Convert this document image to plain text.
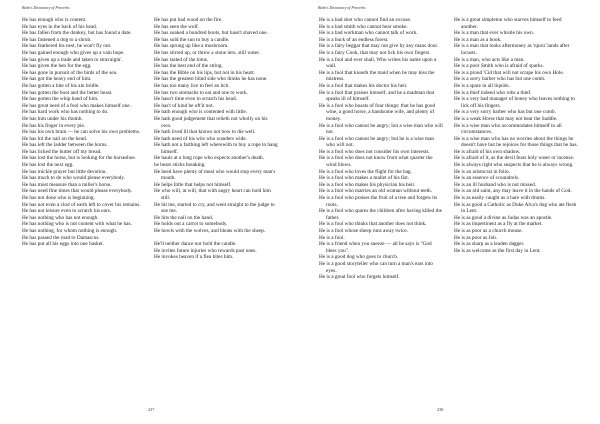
Bohn's Dictionary of Proverbs

He has enough who is content.

He has eyes in the back of his head.

He has fallen from the donkey, but has found a date.

He has fastened a dog to a shrub.

He has feathered his nest, he won't fly out.

He has gained enough who gives up a vain hope.

He has given up a trade and taken to stravaigin'.

He has given the hen for the egg.

He has gone in pursuit of the birds of the sea.

He has got the heavy end of him.

He has gotten a bite of his ain bridle.

He has gotten the boot and the better beast.

He has gotten the whip hand of him.

He has great need of a fool who makes himself one.

He has hard work who has nothing to do.

He has him under his thumb.

He has his finger in every pie.

He has his own brain — he can solve his own problems.

He has hit the nail on the head.

He has left the ladder between the horns.

He has licked the butter off my bread.

He has lost the horse, but is looking for the horseshoe.

He has lost the next egg.

He has mickle prayer but little devotion.

He has much to do who would please everybody.

He has most measure than a miller's horse.

He has need fine times that would please everybody.

He has not done who is beginning.

He has not even a clod of earth left to cover his remains.

He has not leisure even to scratch his ears.

He has nothing who has not enough.

He has nothing who is not content with what he has.

He has nothing, for whom nothing is enough.

He has passed the road to Damascus.

He has put all his eggs into one basket.

He has put bad wood on the fire.

He has seen the wolf.

He has soaked a bundred boots, but hasn't shaved one.

He has sold the sun to buy a candle.

He has sprung up like a mushroom.

He has stirred up, or threw a stone into, still water.

He has tasted of the lotus.

He has the best end of the string.

He has the Bible on his lips, but not in his heart.

He has the greatest blind side who thinks he has none.

He has too many lice to feel an itch.

He has two stomachs to eat and one to work.

He hasn't time even to scratch his head.

He has't of kind he oft'it not.

He hath enough who is contented with little.

He hath good judgement that relieth not wholly on his own.

He hath lived ill that knows not how to die well.

He hath need of his wits who wanders wide.

He hath not a farthing left wherewith to buy a rope to hang himself.

He hauls at a long rope who expects another's death.

he bears sticks breaking.

He heed have plenty of meal who would stop every man's mouth.

He helps little that helps not himself.

He who will, at will, that with angry heart can hold him still.

He hit me, started to cry, and went straight to the judge to sue me.

He hits the nail on the hand.

He holds out a carrot to somebody.

He howls with the wolves, and bleats with the sheep.

He'll neither dance nor hold the candle.

He invites future injuries who rewards past ones.

He invokes heaven if a flea bites him.

237
Bohn's Dictionary of Proverbs

He is a bad shot who cannot find an excuse.

He is a bad smith who cannot bear smoke.

He is a bad workman who cannot talk of work.

He is a buck of an endless forest.

He is a fairy beggar that may not give by any mans door.

He is a fairy Cook, that may not lick his own fingers.

He is a fool and ever shall, Who writes his name upon a wall.

He is a fool that kisseth the maid when he may kiss the mistress.

He is a fool that makes his doctor his heir.

He is a fool that praises himself, and he a madman that speaks ill of himself.

He is a fool who boasts of four things: that he has good wine, a good horse, a handsome wife, and plenty of money.

He is a fool who cannot be angry; but a wise man who will not.

He is a fool who cannot be angry; but he is a wise man who will not.

He is a fool who does not consider his own interests.

He is a fool who does not know from what quarter the wind blows.

He is a fool who loves the flight for the bag.

He is a fool who makes a mallet of his fist.

He is a fool who makes his physician his heir.

He is a fool who marries an old woman without teeth.

He is a fool who praises the fruit of a tree and forgets its roots.

He is a fool who spares the children after having killed the father.

He is a fool who thinks that another does not think.

He is a fool whose sheep runs away twice.

He is a fool.

He is a friend when you sneeze — all he says is "God bless you".

He is a good dog who goes to church.

He is a good storyteller who can turn a man's ears into eyes.

He is a great fool who forgets himself.

He is a great simpleton who starves himself to feed another.

He is a man that ever whistle his own.

He is a man as a book.

He is a man that looks aftermoney as 'njuru' lands after locusts.

He is a man, who acts like a man.

He is a poor Smith who is afraid of sparks.

He is a proud 'Cid that will not scrape his own Hole.

He is a sorry barber who has but one comb.

He is a spare in all liquids.

He is a thief indeed who robs a thief.

He is a very bad manager of honey who leaves nothing to lick off his fingers.

He is a very sorry barber who has but one comb.

He is a weak Horse that may not bear the Saddle.

He is a wise man who accommodates himself to all circumstances.

He is a wise man who has no worries about the things he doesn't have but he rejoices for those things that he has.

He is afraid of his own shadow.

He is afraid of it, as the devil fears holy water or incense.

He is always right who suspects that he is always wrong.

He is an aristocrat in folio.

He is an essence of scoundrels.

He is an ill husband who is not missed.

He is an old saint, any may leave it in the hands of God.

He is as easily caught as a hare with drums.

He is as good a Catholic as Duke Alva's dog who ate flesh in Lent.

He is as good a divine as Judas was an apostle.

He is as impertinent as a fly at the market.

He is as poor as a church mouse.

He is as poor as Job.

He is as sharp as a leaden dagger.

He is as welcome as the first day in Lent.

238
